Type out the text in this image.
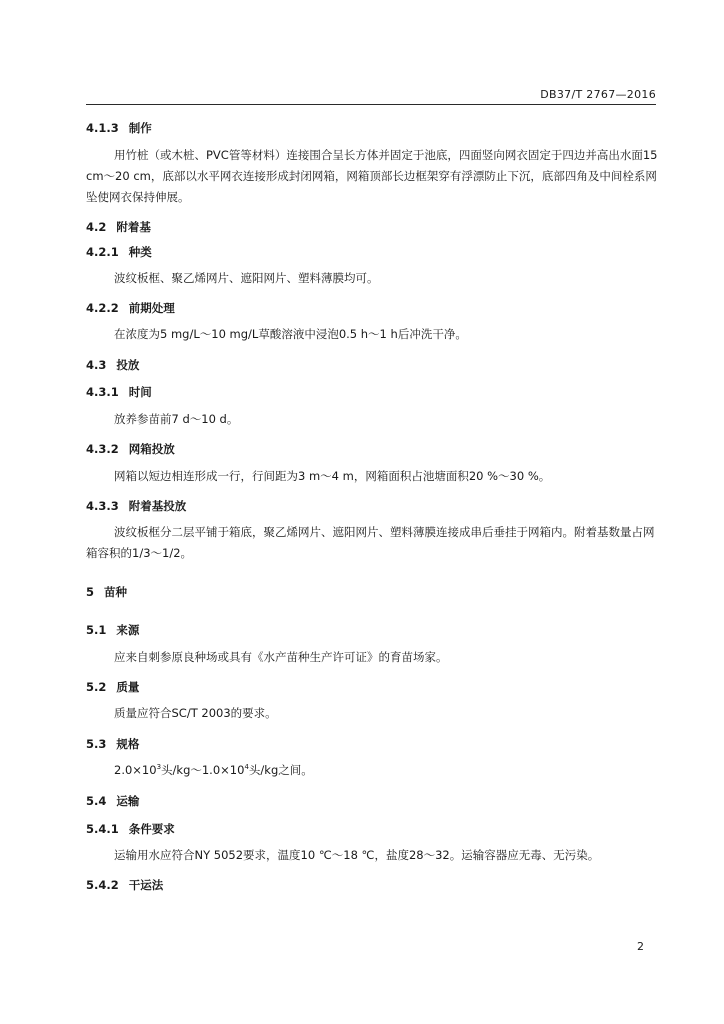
DB37/T 2767—2016
4.1.3 制作
用竹桩（或木桩、PVC管等材料）连接围合呈长方体并固定于池底，四面竖向网衣固定于四边并高出水面15 cm～20 cm，底部以水平网衣连接形成封闭网箱，网箱顶部长边框架穿有浮漂防止下沉，底部四角及中间栓系网坠使网衣保持伸展。
4.2 附着基
4.2.1 种类
波纹板框、聚乙烯网片、遮阳网片、塑料薄膜均可。
4.2.2 前期处理
在浓度为5 mg/L～10 mg/L草酸溶液中浸泡0.5 h～1 h后冲洗干净。
4.3 投放
4.3.1 时间
放养参苗前7 d～10 d。
4.3.2 网箱投放
网箱以短边相连形成一行，行间距为3 m～4 m，网箱面积占池塘面积20 %～30 %。
4.3.3 附着基投放
波纹板框分二层平铺于箱底，聚乙烯网片、遮阳网片、塑料薄膜连接成串后垂挂于网箱内。附着基数量占网箱容积的1/3～1/2。
5 苗种
5.1 来源
应来自刺参原良种场或具有《水产苗种生产许可证》的育苗场家。
5.2 质量
质量应符合SC/T 2003的要求。
5.3 规格
$2.0\times 10^3$头$/kg\sim 1.0\times 10^4$头/kg之间。
5.4 运输
5.4.1 条件要求
运输用水应符合NY 5052要求，温度10 ℃～18 ℃，盐度28～32。运输容器应无毒、无污染。
5.4.2 干运法
2
